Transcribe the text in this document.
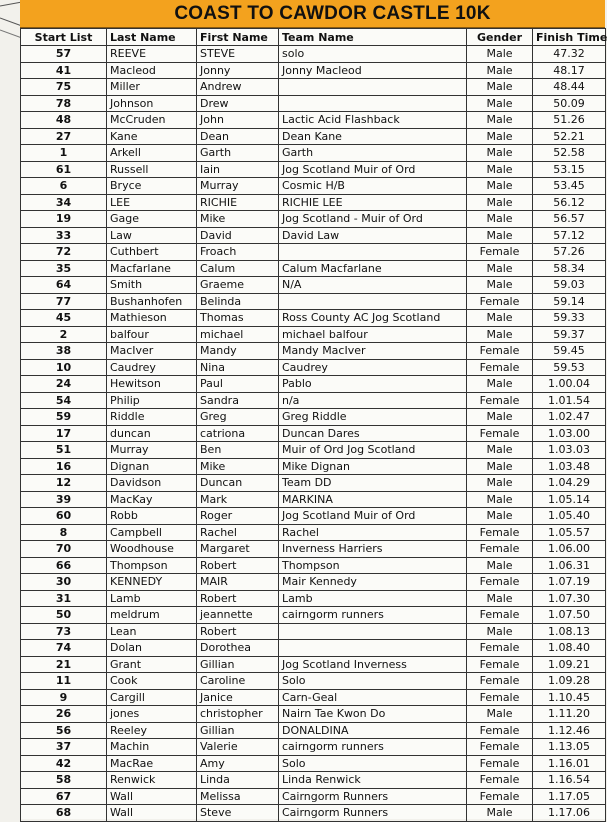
COAST TO CAWDOR CASTLE 10K
Start List	Last Name	First Name	Team Name	Gender	Finish Time
57	REEVE	STEVE	solo	Male	47.32
41	Macleod	Jonny	Jonny Macleod	Male	48.17
75	Miller	Andrew		Male	48.44
78	Johnson	Drew		Male	50.09
48	McCruden	John	Lactic Acid Flashback	Male	51.26
27	Kane	Dean	Dean Kane	Male	52.21
1	Arkell	Garth	Garth	Male	52.58
61	Russell	Iain	Jog Scotland Muir of Ord	Male	53.15
6	Bryce	Murray	Cosmic H/B	Male	53.45
34	LEE	RICHIE	RICHIE LEE	Male	56.12
19	Gage	Mike	Jog Scotland - Muir of Ord	Male	56.57
33	Law	David	David Law	Male	57.12
72	Cuthbert	Froach		Female	57.26
35	Macfarlane	Calum	Calum Macfarlane	Male	58.34
64	Smith	Graeme	N/A	Male	59.03
77	Bushanhofen	Belinda		Female	59.14
45	Mathieson	Thomas	Ross County AC Jog Scotland	Male	59.33
2	balfour	michael	michael balfour	Male	59.37
38	MacIver	Mandy	Mandy MacIver	Female	59.45
10	Caudrey	Nina	Caudrey	Female	59.53
24	Hewitson	Paul	Pablo	Male	1.00.04
54	Philip	Sandra	n/a	Female	1.01.54
59	Riddle	Greg	Greg Riddle	Male	1.02.47
17	duncan	catriona	Duncan Dares	Female	1.03.00
51	Murray	Ben	Muir of Ord Jog Scotland	Male	1.03.03
16	Dignan	Mike	Mike Dignan	Male	1.03.48
12	Davidson	Duncan	Team DD	Male	1.04.29
39	MacKay	Mark	MARKINA	Male	1.05.14
60	Robb	Roger	Jog Scotland Muir of Ord	Male	1.05.40
8	Campbell	Rachel	Rachel	Female	1.05.57
70	Woodhouse	Margaret	Inverness Harriers	Female	1.06.00
66	Thompson	Robert	Thompson	Male	1.06.31
30	KENNEDY	MAIR	Mair Kennedy	Female	1.07.19
31	Lamb	Robert	Lamb	Male	1.07.30
50	meldrum	jeannette	cairngorm runners	Female	1.07.50
73	Lean	Robert		Male	1.08.13
74	Dolan	Dorothea		Female	1.08.40
21	Grant	Gillian	Jog Scotland Inverness	Female	1.09.21
11	Cook	Caroline	Solo	Female	1.09.28
9	Cargill	Janice	Carn-Geal	Female	1.10.45
26	jones	christopher	Nairn Tae Kwon Do	Male	1.11.20
56	Reeley	Gillian	DONALDINA	Female	1.12.46
37	Machin	Valerie	cairngorm runners	Female	1.13.05
42	MacRae	Amy	Solo	Female	1.16.01
58	Renwick	Linda	Linda Renwick	Female	1.16.54
67	Wall	Melissa	Cairngorm Runners	Female	1.17.05
68	Wall	Steve	Cairngorm Runners	Male	1.17.06
